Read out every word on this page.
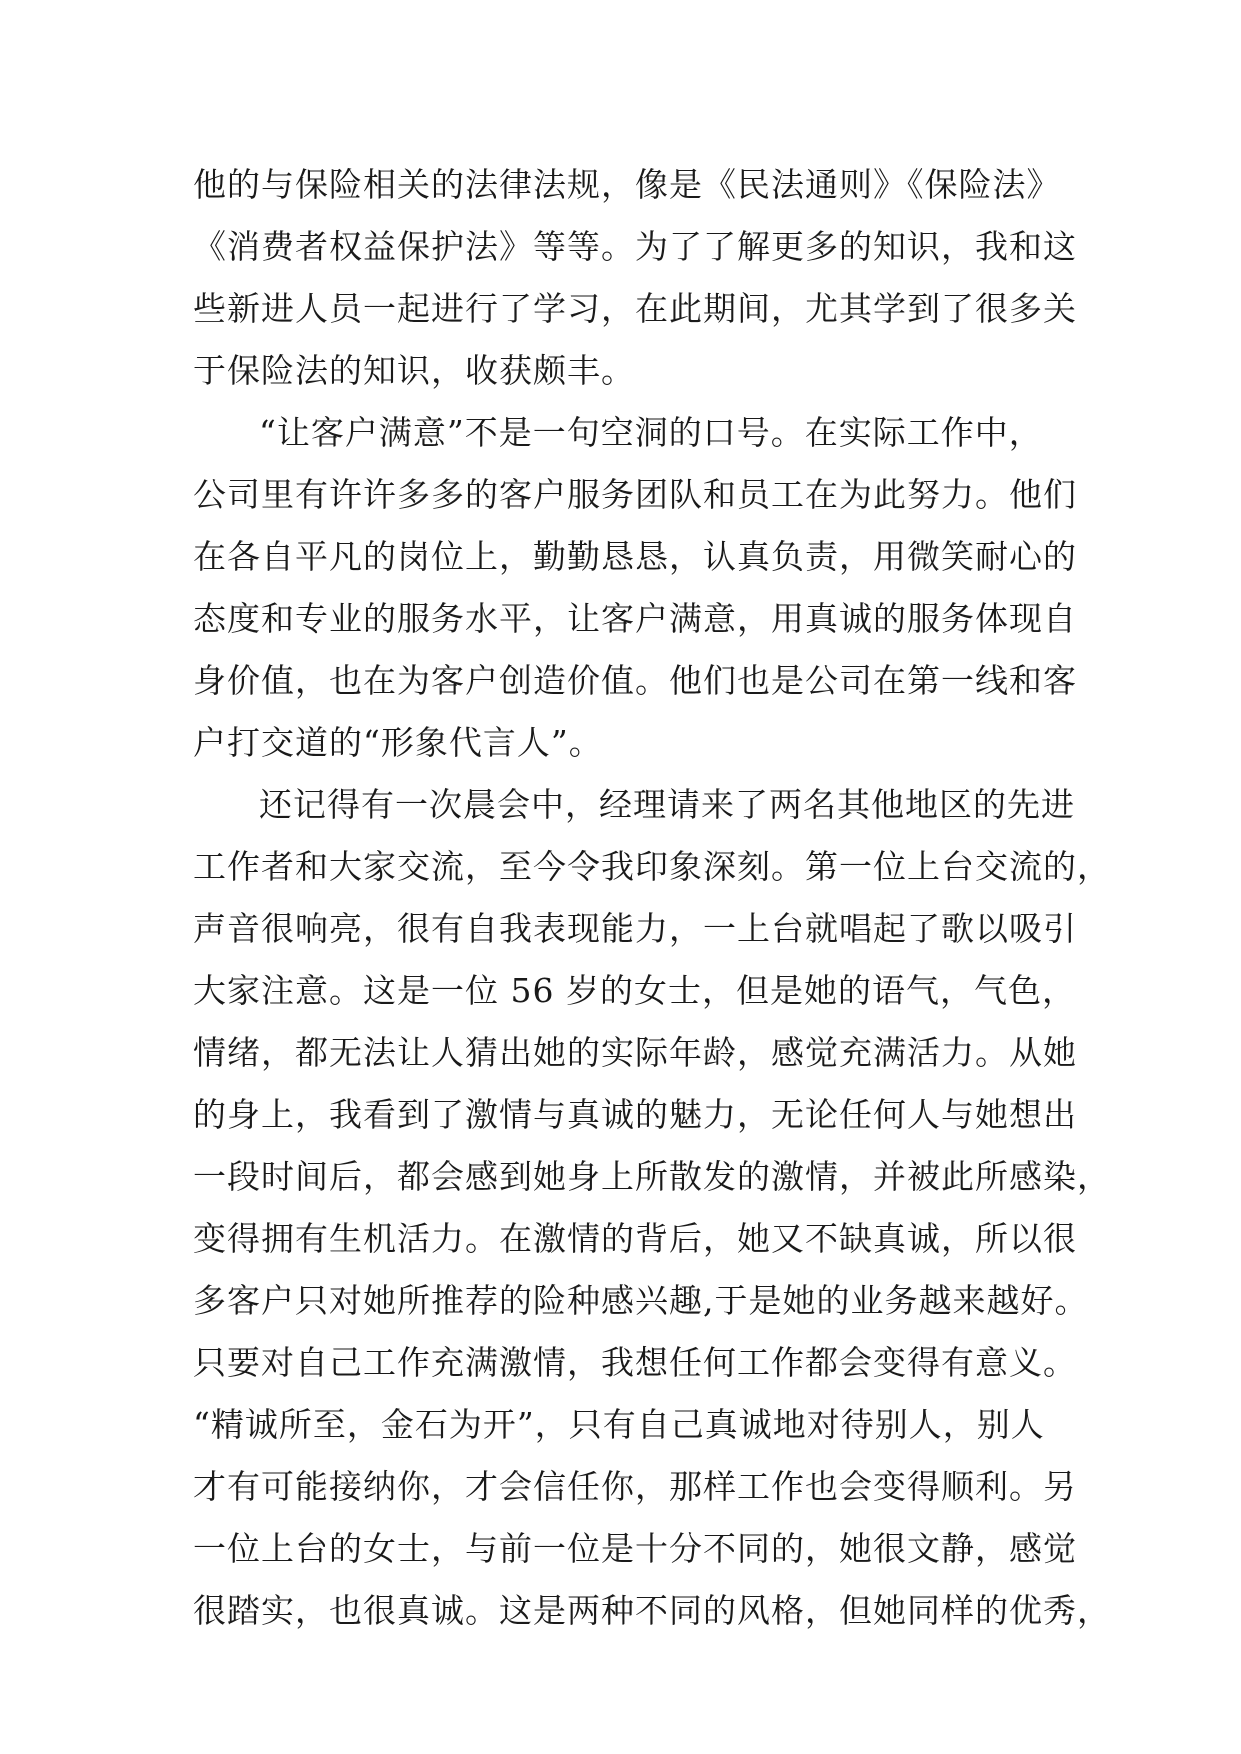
他的与保险相关的法律法规，像是《民法通则》《保险法》
《消费者权益保护法》等等。为了了解更多的知识，我和这
些新进人员一起进行了学习，在此期间，尤其学到了很多关
于保险法的知识，收获颇丰。
“让客户满意”不是一句空洞的口号。在实际工作中，
公司里有许许多多的客户服务团队和员工在为此努力。他们
在各自平凡的岗位上，勤勤恳恳，认真负责，用微笑耐心的
态度和专业的服务水平，让客户满意，用真诚的服务体现自
身价值，也在为客户创造价值。他们也是公司在第一线和客
户打交道的“形象代言人”。
还记得有一次晨会中，经理请来了两名其他地区的先进
工作者和大家交流，至今令我印象深刻。第一位上台交流的，
声音很响亮，很有自我表现能力，一上台就唱起了歌以吸引
大家注意。这是一位 56 岁的女士，但是她的语气，气色，
情绪，都无法让人猜出她的实际年龄，感觉充满活力。从她
的身上，我看到了激情与真诚的魅力，无论任何人与她想出
一段时间后，都会感到她身上所散发的激情，并被此所感染，
变得拥有生机活力。在激情的背后，她又不缺真诚，所以很
多客户只对她所推荐的险种感兴趣,于是她的业务越来越好。
只要对自己工作充满激情，我想任何工作都会变得有意义。
“精诚所至，金石为开”，只有自己真诚地对待别人，别人
才有可能接纳你，才会信任你，那样工作也会变得顺利。另
一位上台的女士，与前一位是十分不同的，她很文静，感觉
很踏实，也很真诚。这是两种不同的风格，但她同样的优秀，
